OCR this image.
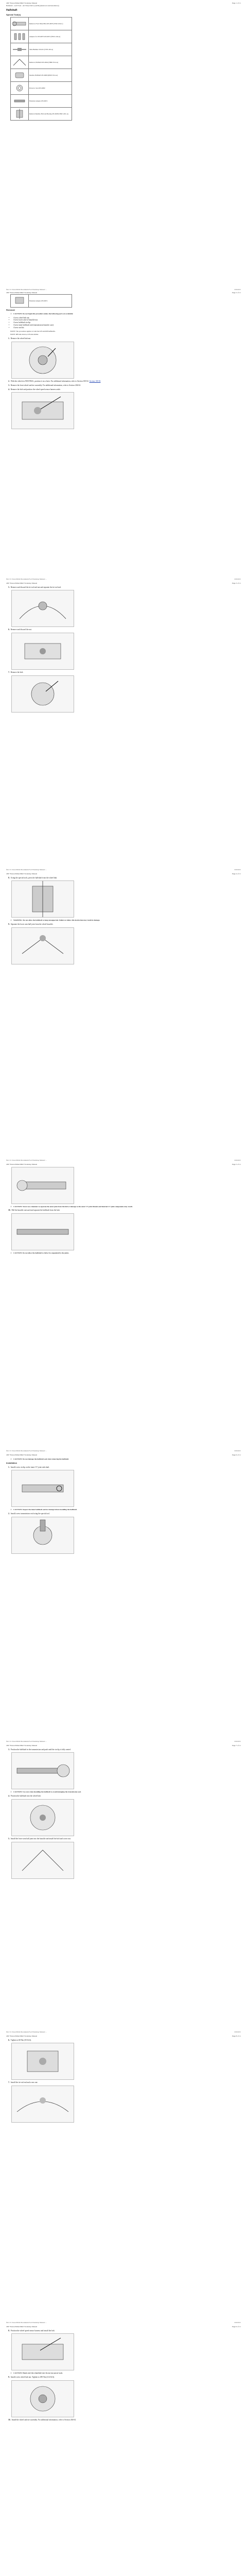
2007 Fusion/Milan/MKZ Workshop Manual
Halfshaft - Left Front - All Wheel Drive (AWD) (Removal and Installation)
Page 1 of 11
Halfshaft
Special Tool(s)
	Remover, Front Wheel Hub 205-D070 (T81P-1104-C)
	Adapters for 205-D070 205-D072 (T81P-1104-A)
	Slide Hammer 100-001 (T50T-100-A)
	Remover, Halfshaft 205-D044 (T86P-3514-A)
	Installer, Halfshaft 205-D006 (D81P-3514-A)
	Protector, Seal 205-D090
	Extension Adapter 205-D074
	Remover/Installer, Hub and Bearing 205-D028 (T84T-1201-A)
file:///C:/Users/Public/Documents/Ford Workshop Manual/…	3/29/2015
2007 Fusion/Milan/MKZ Workshop Manual	Page 2 of 11
	Extension Adapter 205-D074
Removal
⚠ CAUTION: Do not begin this procedure unless the following parts are available:
• A new wheel hub nut.
• A new lower arm-to-knuckle nut.
• A new halfshaft circlip.
• A new inner halfshaft seal (transmission/transfer case).
• A new seal kit.
NOTE: The procedure applies to both the LH and RH halfshafts.
NOTE: RH side shown, LH side similar.
1. Remove the wheel hub nut.
2. With the vehicle in NEUTRAL, position it on a hoist. For additional information, refer to Section 100-02. Section 100-02
3. Remove the front wheel and tire assembly. For additional information, refer to Section 204-04.
4. Remove the bolt and position the wheel speed sensor harness aside.
file:///C:/Users/Public/Documents/Ford Workshop Manual/…	3/29/2015
2007 Fusion/Milan/MKZ Workshop Manual	Page 3 of 11
5. Remove and discard the tie-rod end nut and separate the tie-rod end.
6. Remove and discard the nut.
7. Remove the bolt.
file:///C:/Users/Public/Documents/Ford Workshop Manual/…	3/29/2015
2007 Fusion/Milan/MKZ Workshop Manual	Page 4 of 11
8. Using the special tools, press the halfshaft from the wheel hub.
⚠ WARNING: Do not allow the halfshaft to hang unsupported. Failure to follow this instruction may result in damage.
9. Separate the lower arm ball joint from the wheel knuckle.
file:///C:/Users/Public/Documents/Ford Workshop Manual/…	3/29/2015
2007 Fusion/Milan/MKZ Workshop Manual	Page 5 of 11
⚠ CAUTION: Never use a hammer to separate the outer joint from the hub or damage to the outer CV joint threads and internal CV joint components may result.
10. Pull the knuckle outward and separate the halfshaft from the hub.
⚠ CAUTION: Do not allow the halfshaft to fall or be suspended by the joints.
file:///C:/Users/Public/Documents/Ford Workshop Manual/…	3/29/2015
2007 Fusion/Milan/MKZ Workshop Manual	Page 6 of 11
⚠ CAUTION: Do not damage the halfshaft seal when removing the halfshaft.
Installation
1. Install a new circlip on the inner CV joint stub shaft.
⚠ CAUTION: Inspect the inner halfshaft seal for damage before installing the halfshaft.
2. Install a new transmission seal using the special tool.
file:///C:/Users/Public/Documents/Ford Workshop Manual/…	3/29/2015
2007 Fusion/Milan/MKZ Workshop Manual	Page 7 of 11
3. Position the halfshaft in the transmission and push until the circlip is fully seated.
⚠ CAUTION: Use care when installing the halfshaft to avoid damaging the transmission seal.
4. Position the halfshaft into the wheel hub.
5. Install the lower arm ball joint into the knuckle and install the bolt and a new nut.
file:///C:/Users/Public/Documents/Ford Workshop Manual/…	3/29/2015
2007 Fusion/Milan/MKZ Workshop Manual	Page 8 of 11
6. Tighten to 68 Nm (50 lb-ft).
7. Install the tie-rod end and a new nut.
file:///C:/Users/Public/Documents/Ford Workshop Manual/…	3/29/2015
2007 Fusion/Milan/MKZ Workshop Manual	Page 9 of 11
8. Position the wheel speed sensor harness and install the bolt.
⚠ CAUTION: Hand-start the wheel hub nut. Do not use power tools.
9. Install a new wheel hub nut. Tighten to 290 Nm (214 lb-ft).
10. Install the wheel and tire assembly. For additional information, refer to Section 204-04.
